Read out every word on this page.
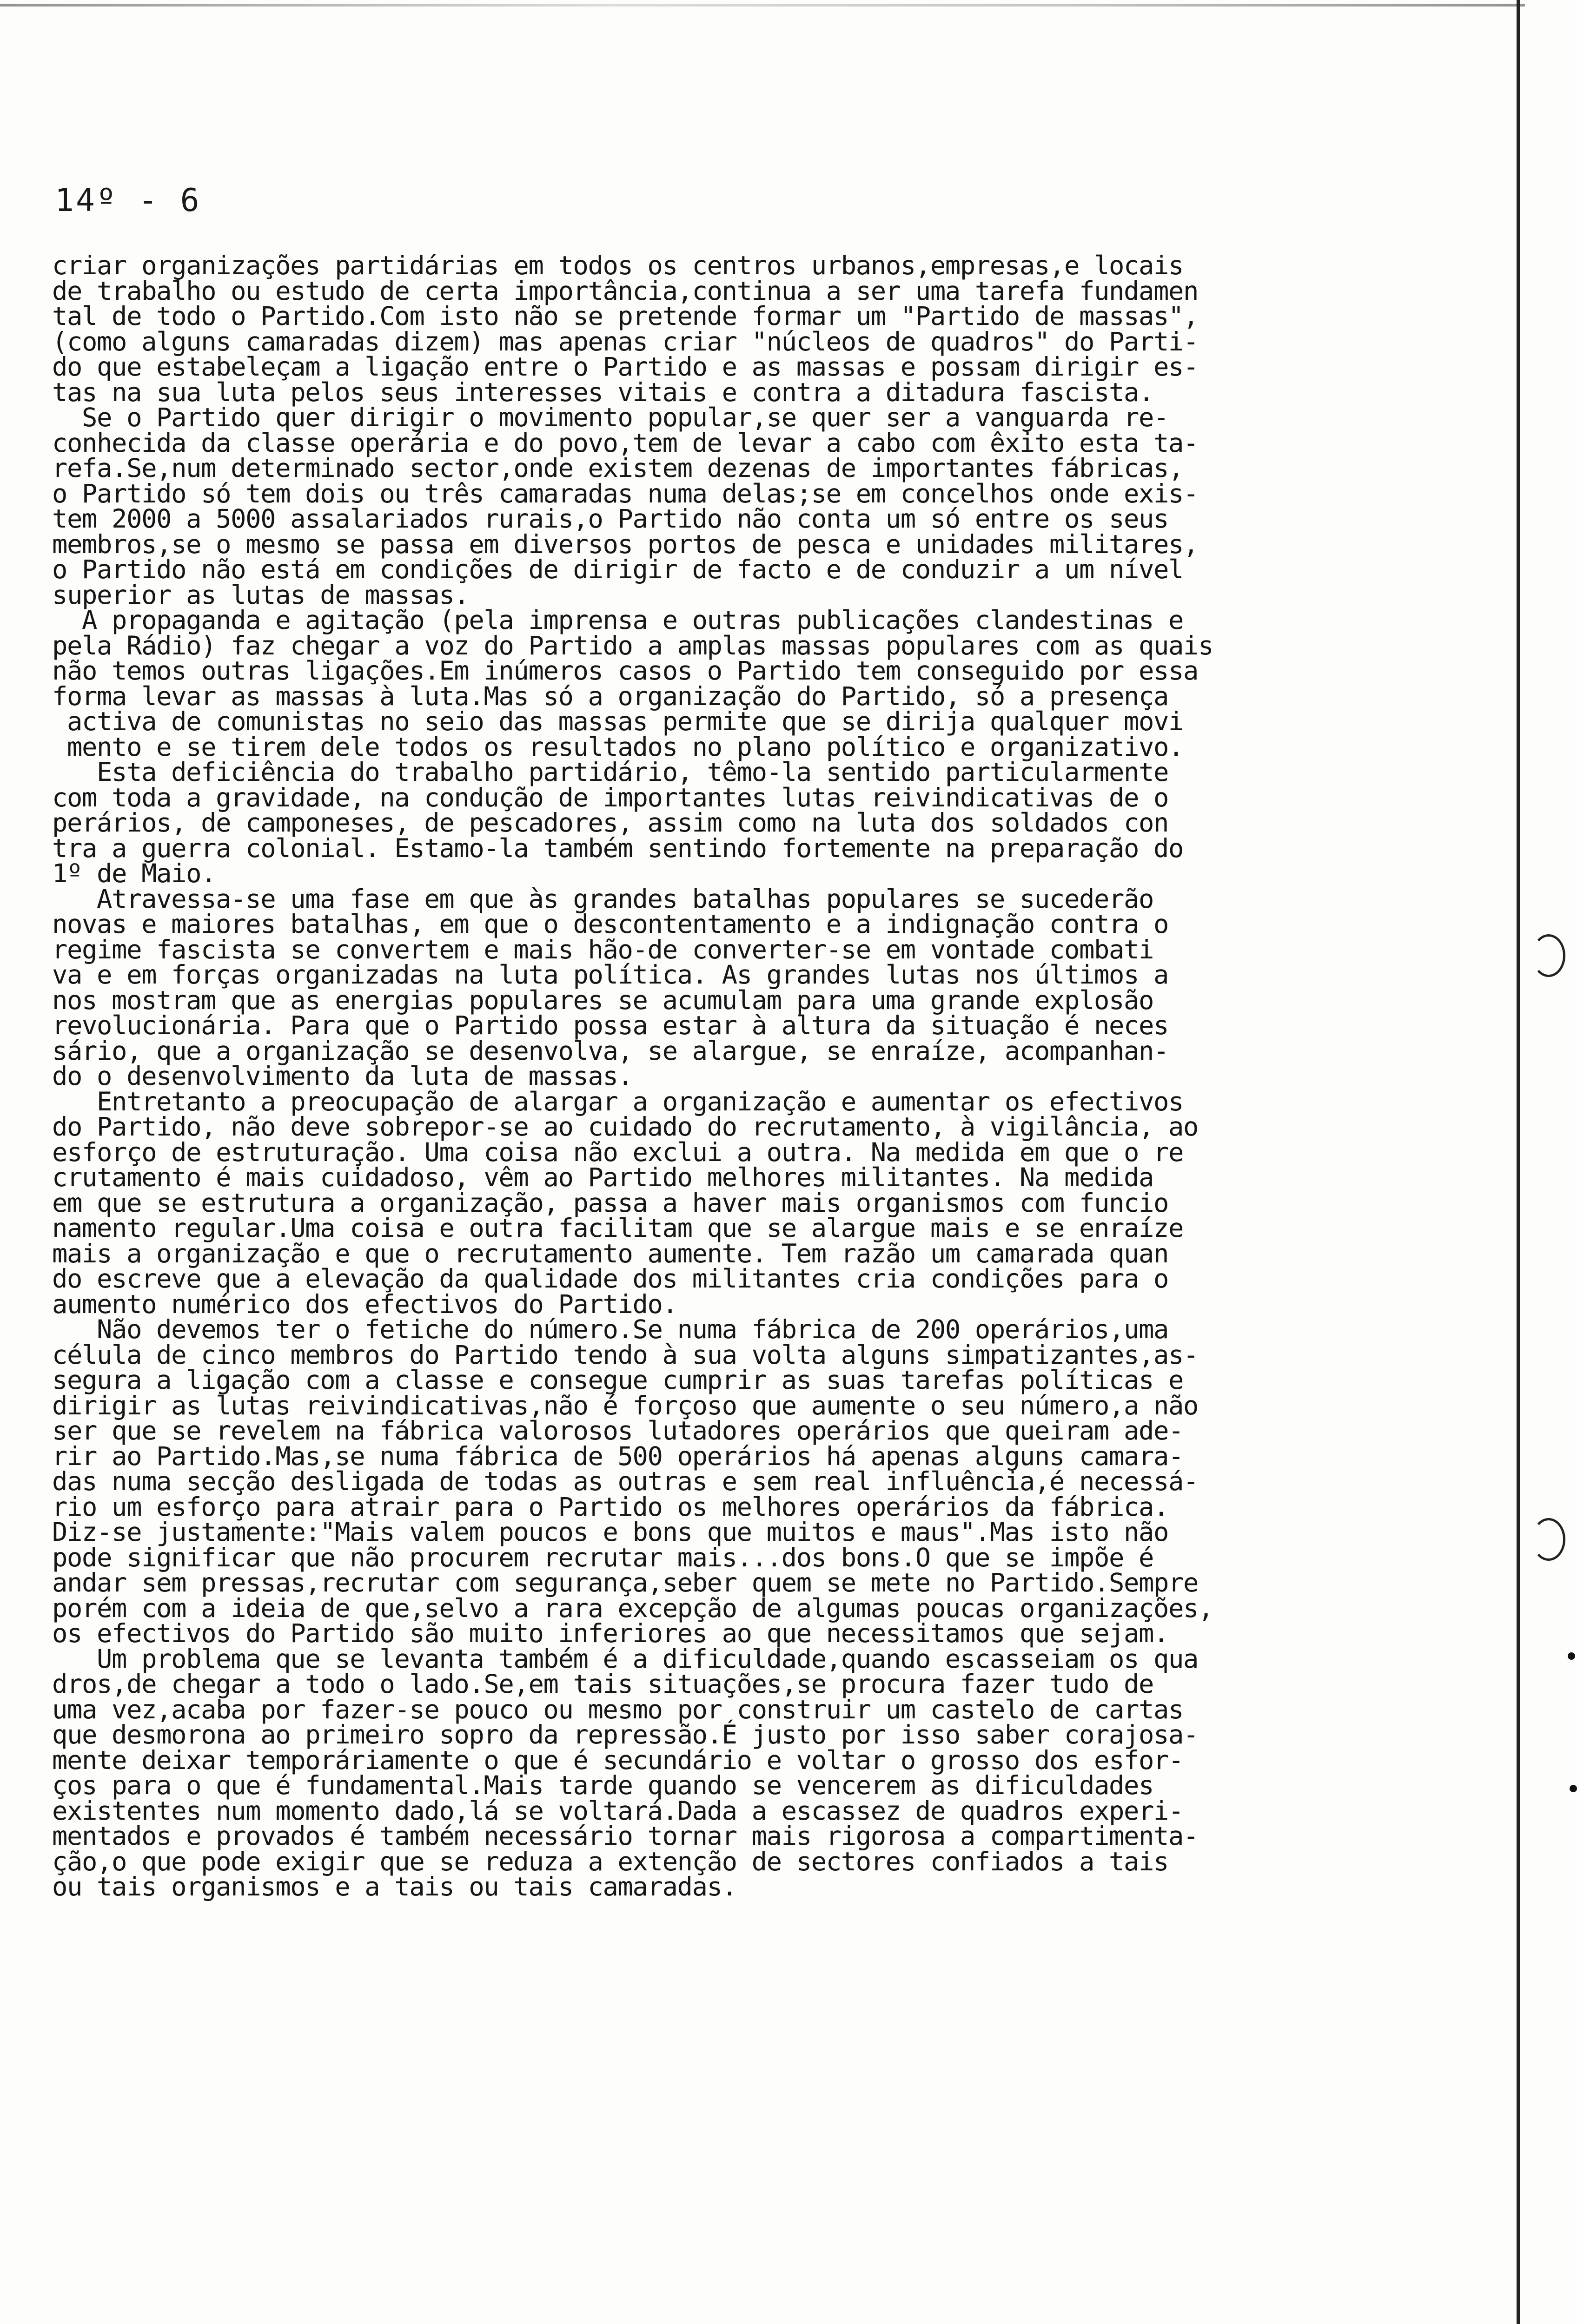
14º - 6
criar organizações partidárias em todos os centros urbanos,empresas,e locais
de trabalho ou estudo de certa importância,continua a ser uma tarefa fundamen
tal de todo o Partido.Com isto não se pretende formar um "Partido de massas",
(como alguns camaradas dizem) mas apenas criar "núcleos de quadros" do Parti-
do que estabeleçam a ligação entre o Partido e as massas e possam dirigir es-
tas na sua luta pelos seus interesses vitais e contra a ditadura fascista.
Se o Partido quer dirigir o movimento popular,se quer ser a vanguarda re-
conhecida da classe operária e do povo,tem de levar a cabo com êxito esta ta-
refa.Se,num determinado sector,onde existem dezenas de importantes fábricas,
o Partido só tem dois ou três camaradas numa delas;se em concelhos onde exis-
tem 2000 a 5000 assalariados rurais,o Partido não conta um só entre os seus
membros,se o mesmo se passa em diversos portos de pesca e unidades militares,
o Partido não está em condições de dirigir de facto e de conduzir a um nível
superior as lutas de massas.
A propaganda e agitação (pela imprensa e outras publicações clandestinas e
pela Rádio) faz chegar a voz do Partido a amplas massas populares com as quais
não temos outras ligações.Em inúmeros casos o Partido tem conseguido por essa
forma levar as massas à luta.Mas só a organização do Partido, só a presença
activa de comunistas no seio das massas permite que se dirija qualquer movi
mento e se tirem dele todos os resultados no plano político e organizativo.
Esta deficiência do trabalho partidário, têmo-la sentido particularmente
com toda a gravidade, na condução de importantes lutas reivindicativas de o
perários, de camponeses, de pescadores, assim como na luta dos soldados con
tra a guerra colonial. Estamo-la também sentindo fortemente na preparação do
1º de Maio.
Atravessa-se uma fase em que às grandes batalhas populares se sucederão
novas e maiores batalhas, em que o descontentamento e a indignação contra o
regime fascista se convertem e mais hão-de converter-se em vontade combati
va e em forças organizadas na luta política. As grandes lutas nos últimos a
nos mostram que as energias populares se acumulam para uma grande explosão
revolucionária. Para que o Partido possa estar à altura da situação é neces
sário, que a organização se desenvolva, se alargue, se enraíze, acompanhan-
do o desenvolvimento da luta de massas.
Entretanto a preocupação de alargar a organização e aumentar os efectivos
do Partido, não deve sobrepor-se ao cuidado do recrutamento, à vigilância, ao
esforço de estruturação. Uma coisa não exclui a outra. Na medida em que o re
crutamento é mais cuidadoso, vêm ao Partido melhores militantes. Na medida
em que se estrutura a organização, passa a haver mais organismos com funcio
namento regular.Uma coisa e outra facilitam que se alargue mais e se enraíze
mais a organização e que o recrutamento aumente. Tem razão um camarada quan
do escreve que a elevação da qualidade dos militantes cria condições para o
aumento numérico dos efectivos do Partido.
Não devemos ter o fetiche do número.Se numa fábrica de 200 operários,uma
célula de cinco membros do Partido tendo à sua volta alguns simpatizantes,as-
segura a ligação com a classe e consegue cumprir as suas tarefas políticas e
dirigir as lutas reivindicativas,não é forçoso que aumente o seu número,a não
ser que se revelem na fábrica valorosos lutadores operários que queiram ade-
rir ao Partido.Mas,se numa fábrica de 500 operários há apenas alguns camara-
das numa secção desligada de todas as outras e sem real influência,é necessá-
rio um esforço para atrair para o Partido os melhores operários da fábrica.
Diz-se justamente:"Mais valem poucos e bons que muitos e maus".Mas isto não
pode significar que não procurem recrutar mais...dos bons.O que se impõe é
andar sem pressas,recrutar com segurança,seber quem se mete no Partido.Sempre
porém com a ideia de que,selvo a rara excepção de algumas poucas organizações,
os efectivos do Partido são muito inferiores ao que necessitamos que sejam.
Um problema que se levanta também é a dificuldade,quando escasseiam os qua
dros,de chegar a todo o lado.Se,em tais situações,se procura fazer tudo de
uma vez,acaba por fazer-se pouco ou mesmo por construir um castelo de cartas
que desmorona ao primeiro sopro da repressão.É justo por isso saber corajosa-
mente deixar temporáriamente o que é secundário e voltar o grosso dos esfor-
ços para o que é fundamental.Mais tarde quando se vencerem as dificuldades
existentes num momento dado,lá se voltará.Dada a escassez de quadros experi-
mentados e provados é também necessário tornar mais rigorosa a compartimenta-
ção,o que pode exigir que se reduza a extenção de sectores confiados a tais
ou tais organismos e a tais ou tais camaradas.
